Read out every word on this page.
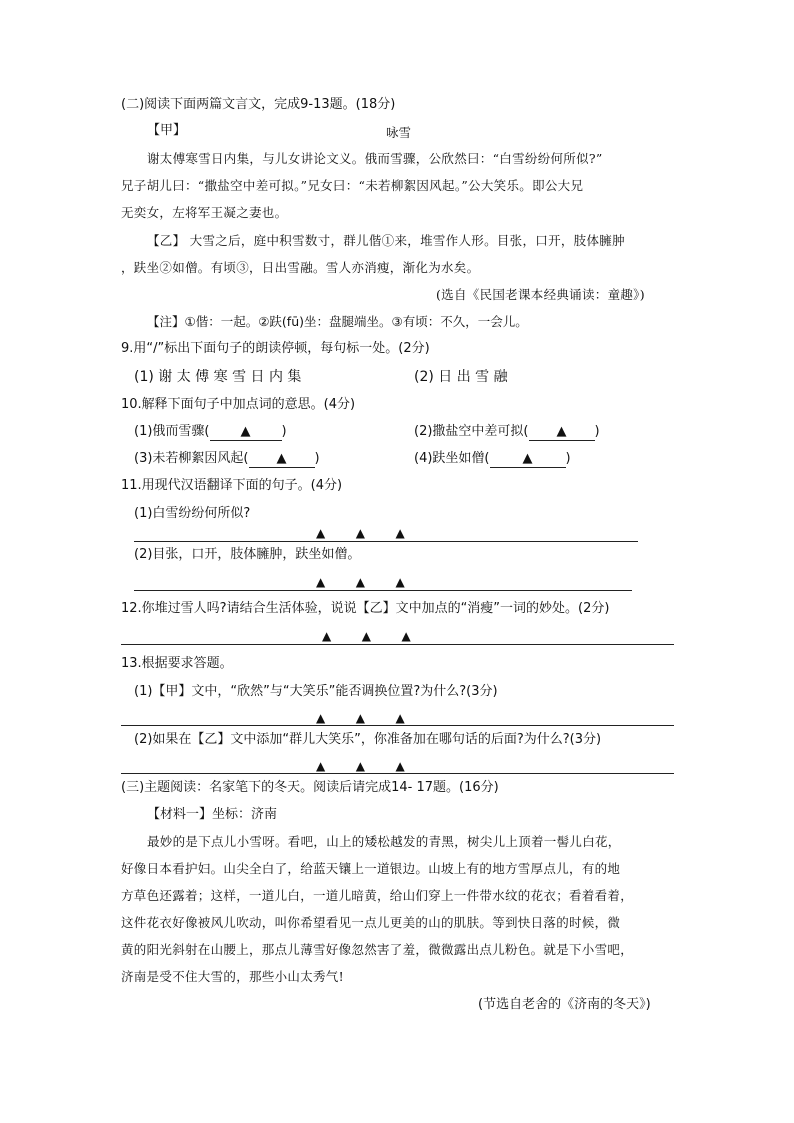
(二)阅读下面两篇文言文，完成9-13题。(18分)
【甲】	咏雪
谢太傅寒雪日内集，与儿女讲论文义。俄而雪骤，公欣然曰：“白雪纷纷何所似?”
兄子胡儿曰：“撒盐空中差可拟。”兄女曰：“未若柳絮因风起。”公大笑乐。即公大兄
无奕女，左将军王凝之妻也。
【乙】 大雪之后，庭中积雪数寸，群儿偕①来，堆雪作人形。目张，口开，肢体臃肿
，趺坐②如僧。有顷③，日出雪融。雪人亦消瘦，渐化为水矣。
(选自《民国老课本经典诵读：童趣》)
【注】①偕：一起。②趺(fū)坐：盘腿端坐。③有顷：不久，一会儿。
9.用“/”标出下面句子的朗读停顿，每句标一处。(2分)
(1) 谢 太 傅 寒 雪 日 内 集	(2) 日 出 雪 融
10.解释下面句子中加点词的意思。(4分)
(1)俄而雪骤( ▲ )	(2)撒盐空中差可拟( ▲ )
(3)未若柳絮因风起( ▲ )	(4)趺坐如僧(	▲	)
11.用现代汉语翻译下面的句子。(4分)
(1)白雪纷纷何所似?
▲        ▲        ▲
(2)目张，口开，肢体臃肿，趺坐如僧。
▲        ▲        ▲
12.你堆过雪人吗?请结合生活体验，说说【乙】文中加点的“消瘦”一词的妙处。(2分)
▲        ▲        ▲
13.根据要求答题。
(1)【甲】文中，“欣然”与“大笑乐”能否调换位置?为什么?(3分)
▲        ▲        ▲
(2)如果在【乙】文中添加“群儿大笑乐”，你准备加在哪句话的后面?为什么?(3分)
▲        ▲        ▲
(三)主题阅读：名家笔下的冬天。阅读后请完成14- 17题。(16分)
【材料一】坐标：济南
最妙的是下点儿小雪呀。看吧，山上的矮松越发的青黑，树尖儿上顶着一髻儿白花，
好像日本看护妇。山尖全白了，给蓝天镶上一道银边。山坡上有的地方雪厚点儿，有的地
方草色还露着；这样，一道儿白，一道儿暗黄，给山们穿上一件带水纹的花衣；看着看着，
这件花衣好像被风儿吹动，叫你希望看见一点儿更美的山的肌肤。等到快日落的时候，微
黄的阳光斜射在山腰上，那点儿薄雪好像忽然害了羞，微微露出点儿粉色。就是下小雪吧，
济南是受不住大雪的，那些小山太秀气!
(节选自老舍的《济南的冬天》)
